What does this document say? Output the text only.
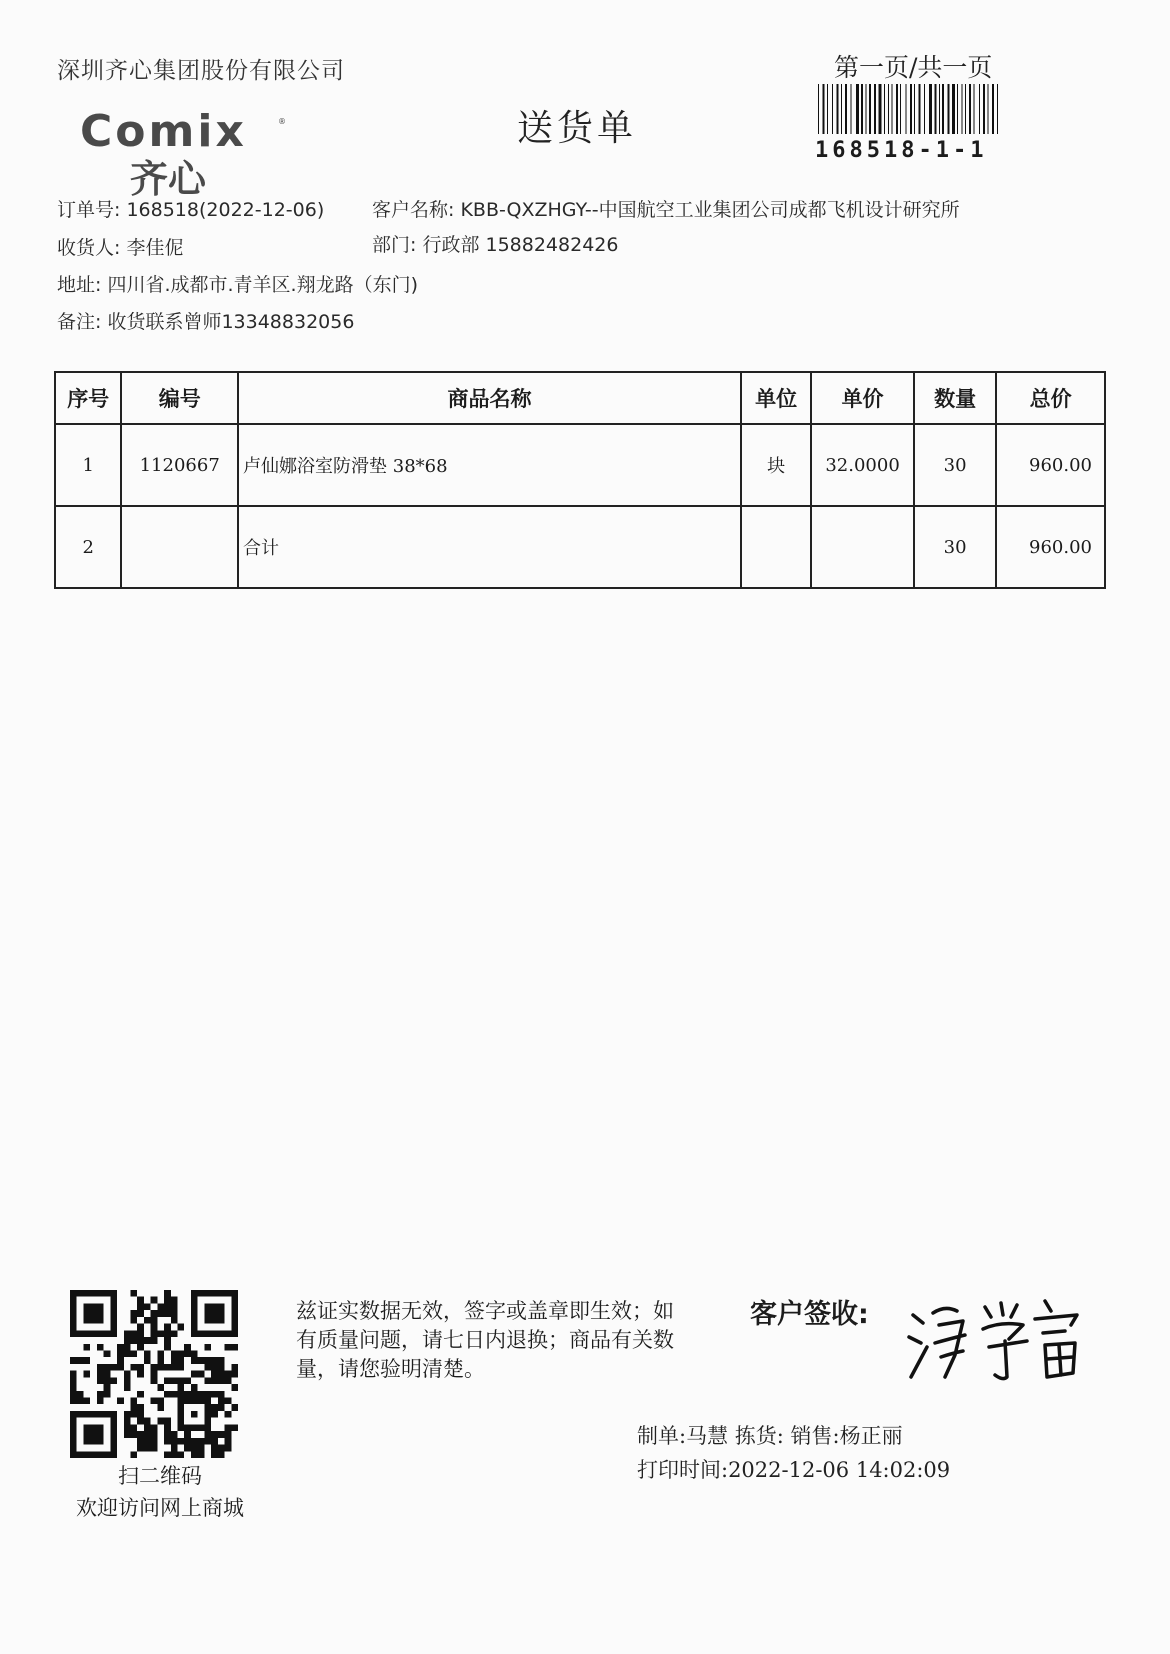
深圳齐心集团股份有限公司	第一页/共一页
送货单
Comix	®
齐心
168518-1-1
订单号: 168518(2022-12-06)	客户名称: KBB-QXZHGY--中国航空工业集团公司成都飞机设计研究所
收货人: 李佳伲	部门: 行政部 15882482426
地址: 四川省.成都市.青羊区.翔龙路（东门)
备注: 收货联系曾师13348832056
序号	编号	商品名称	单位	单价	数量	总价
1	1120667	卢仙娜浴室防滑垫 38*68	块	32.0000	30	960.00
2		合计			30	960.00
扫二维码
欢迎访问网上商城
兹证实数据无效，签字或盖章即生效；如有质量问题，请七日内退换；商品有关数量，请您验明清楚。
客户签收:
制单:马慧 拣货: 销售:杨正丽
打印时间:2022-12-06 14:02:09
